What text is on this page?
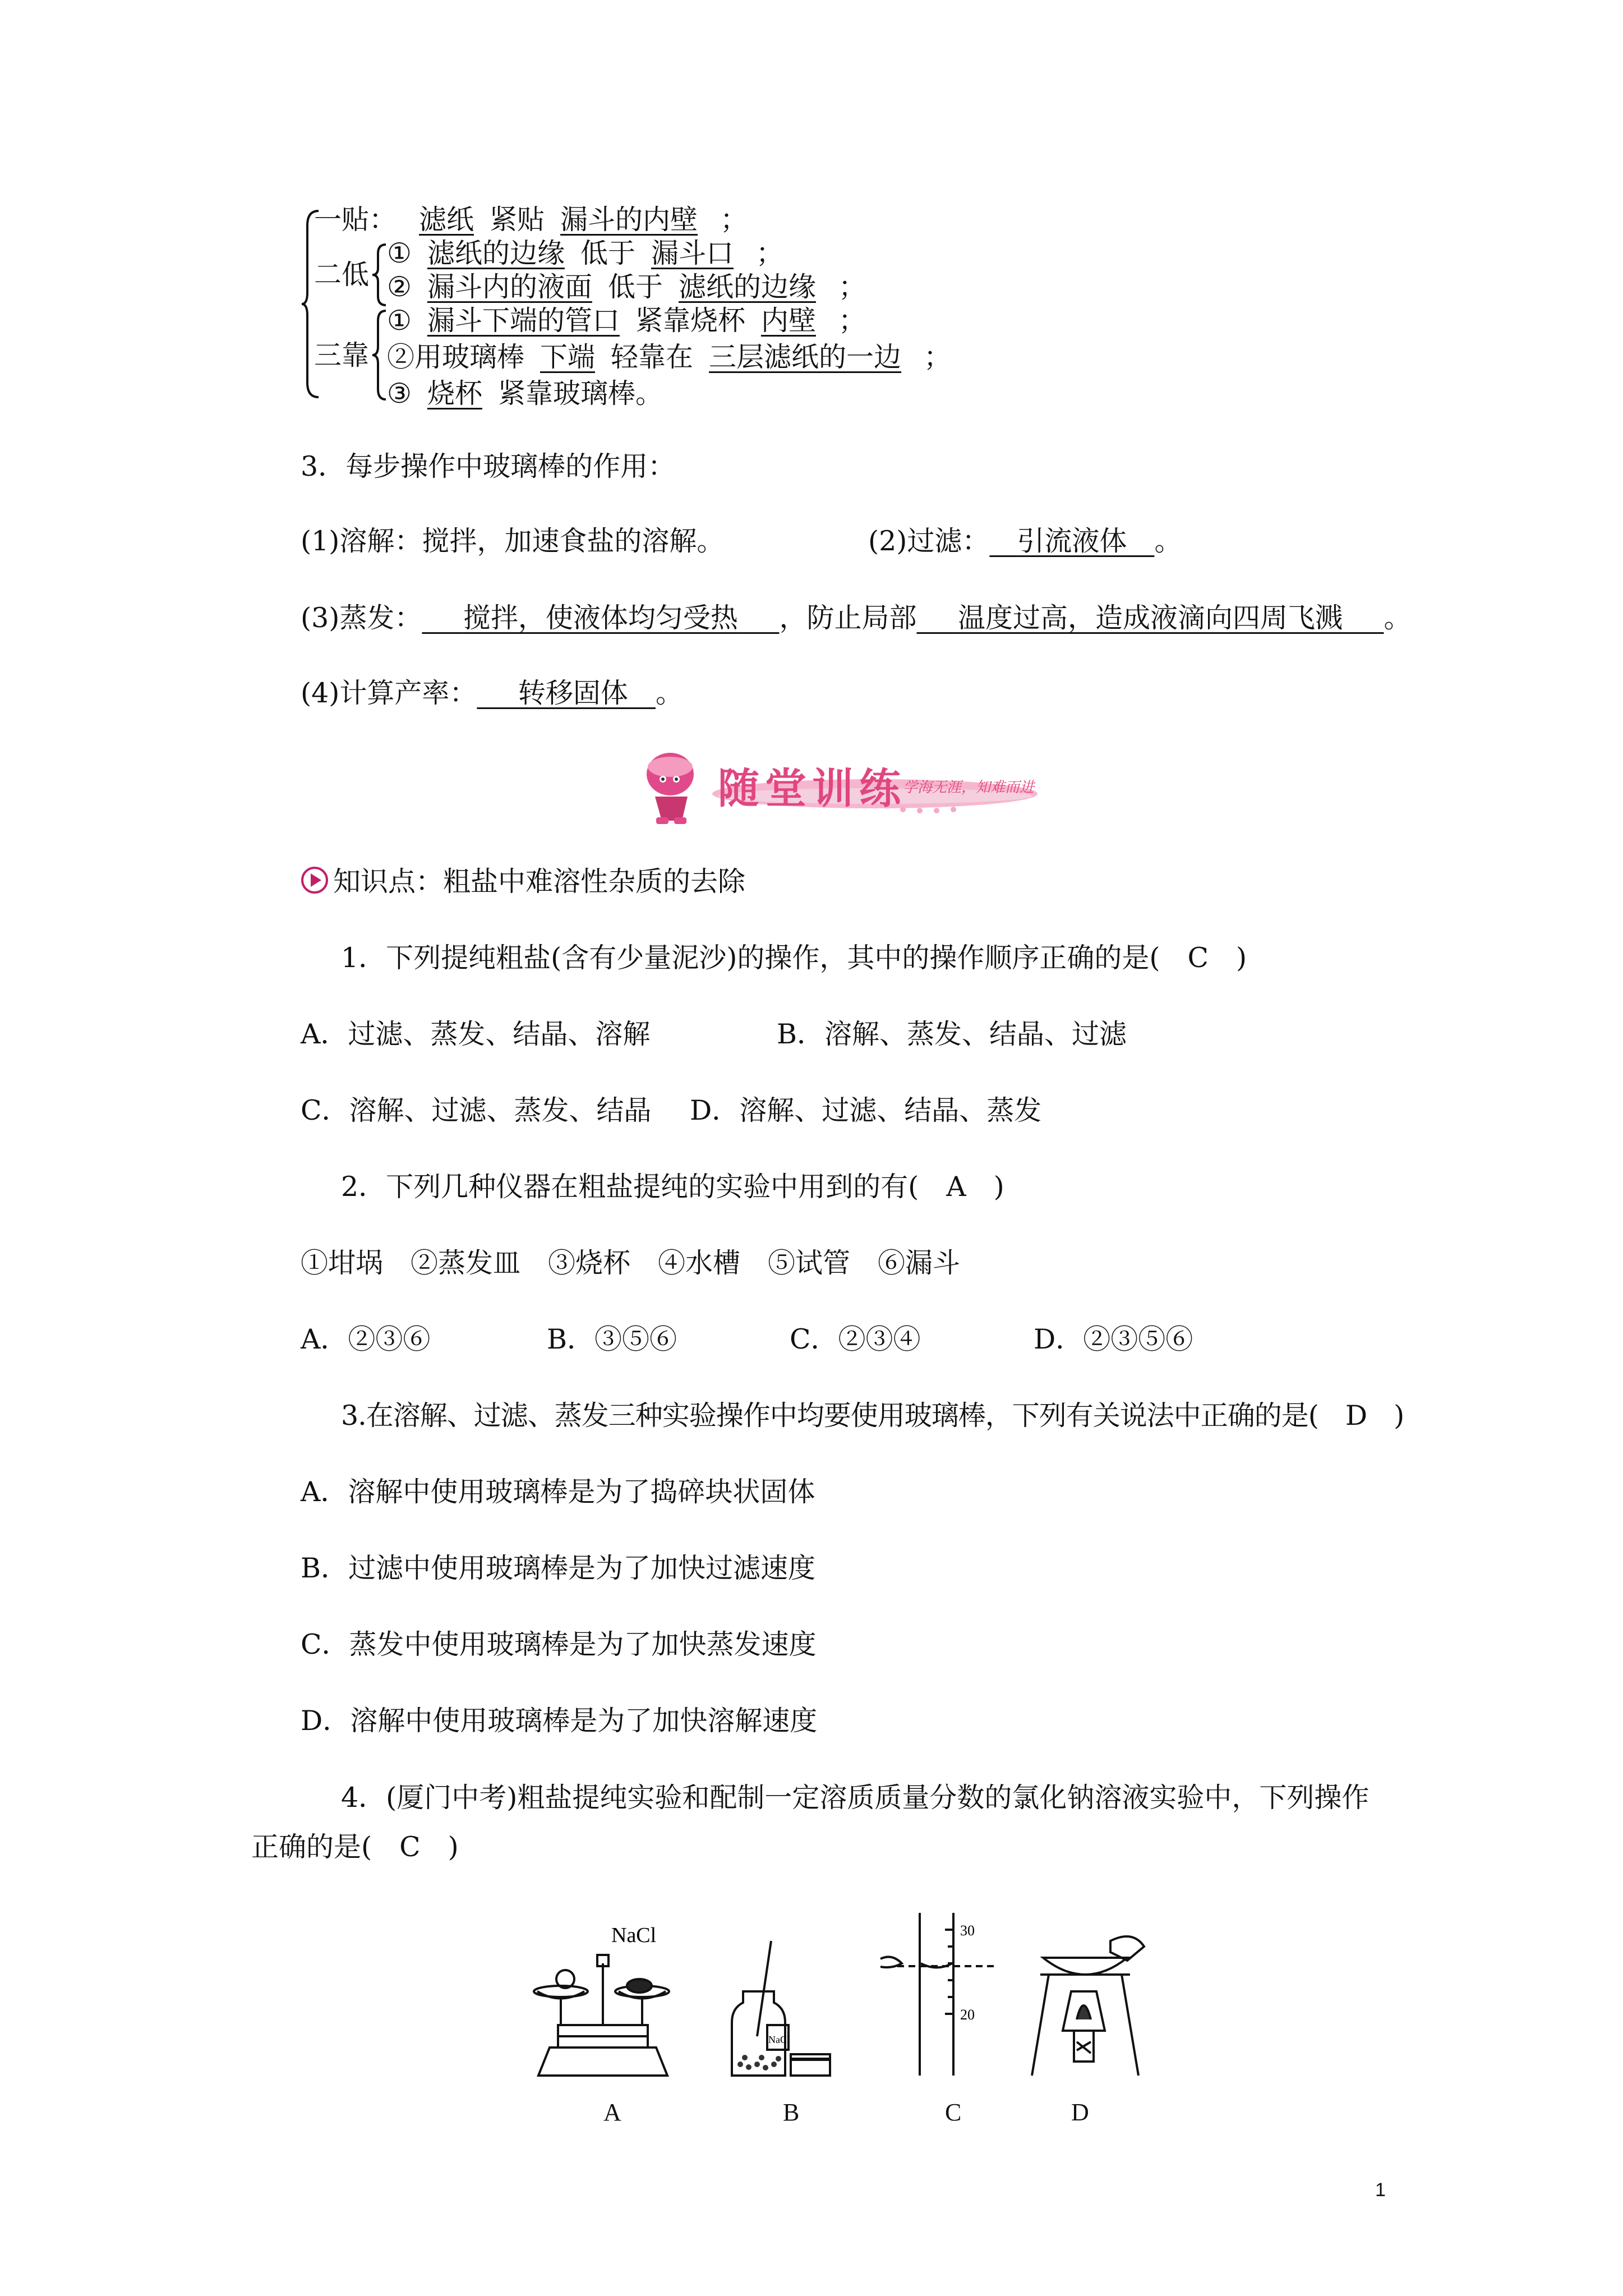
一贴： 滤纸 紧贴 漏斗的内壁 ；
二低
① 滤纸的边缘 低于 漏斗口 ；
② 漏斗内的液面 低于 滤纸的边缘 ；
三靠
① 漏斗下端的管口 紧靠烧杯 内壁 ；
②用玻璃棒 下端 轻靠在 三层滤纸的一边 ；
③ 烧杯 紧靠玻璃棒。
3．每步操作中玻璃棒的作用：
(1)溶解：搅拌，加速食盐的溶解。	(2)过滤：   引流液体   。
(3)蒸发：    搅拌，使液体均匀受热    ，防止局部    温度过高，造成液滴向四周飞溅    。
(4)计算产率：    转移固体   。
随堂训练
学海无涯，知难而进
知识点：粗盐中难溶性杂质的去除
1．下列提纯粗盐(含有少量泥沙)的操作，其中的操作顺序正确的是(　C　)
A．过滤、蒸发、结晶、溶解	B．溶解、蒸发、结晶、过滤
C．溶解、过滤、蒸发、结晶 D．溶解、过滤、结晶、蒸发
2．下列几种仪器在粗盐提纯的实验中用到的有(　A　)
①坩埚　②蒸发皿　③烧杯　④水槽　⑤试管　⑥漏斗
A．②③⑥	B．③⑤⑥	C．②③④	D．②③⑤⑥
3.在溶解、过滤、蒸发三种实验操作中均要使用玻璃棒，下列有关说法中正确的是(　D　)
A．溶解中使用玻璃棒是为了捣碎块状固体
B．过滤中使用玻璃棒是为了加快过滤速度
C．蒸发中使用玻璃棒是为了加快蒸发速度
D．溶解中使用玻璃棒是为了加快溶解速度
4．(厦门中考)粗盐提纯实验和配制一定溶质质量分数的氯化钠溶液实验中，下列操作
正确的是(　C　)
NaCl
NaCl
30
20
A	B	C	D
1
